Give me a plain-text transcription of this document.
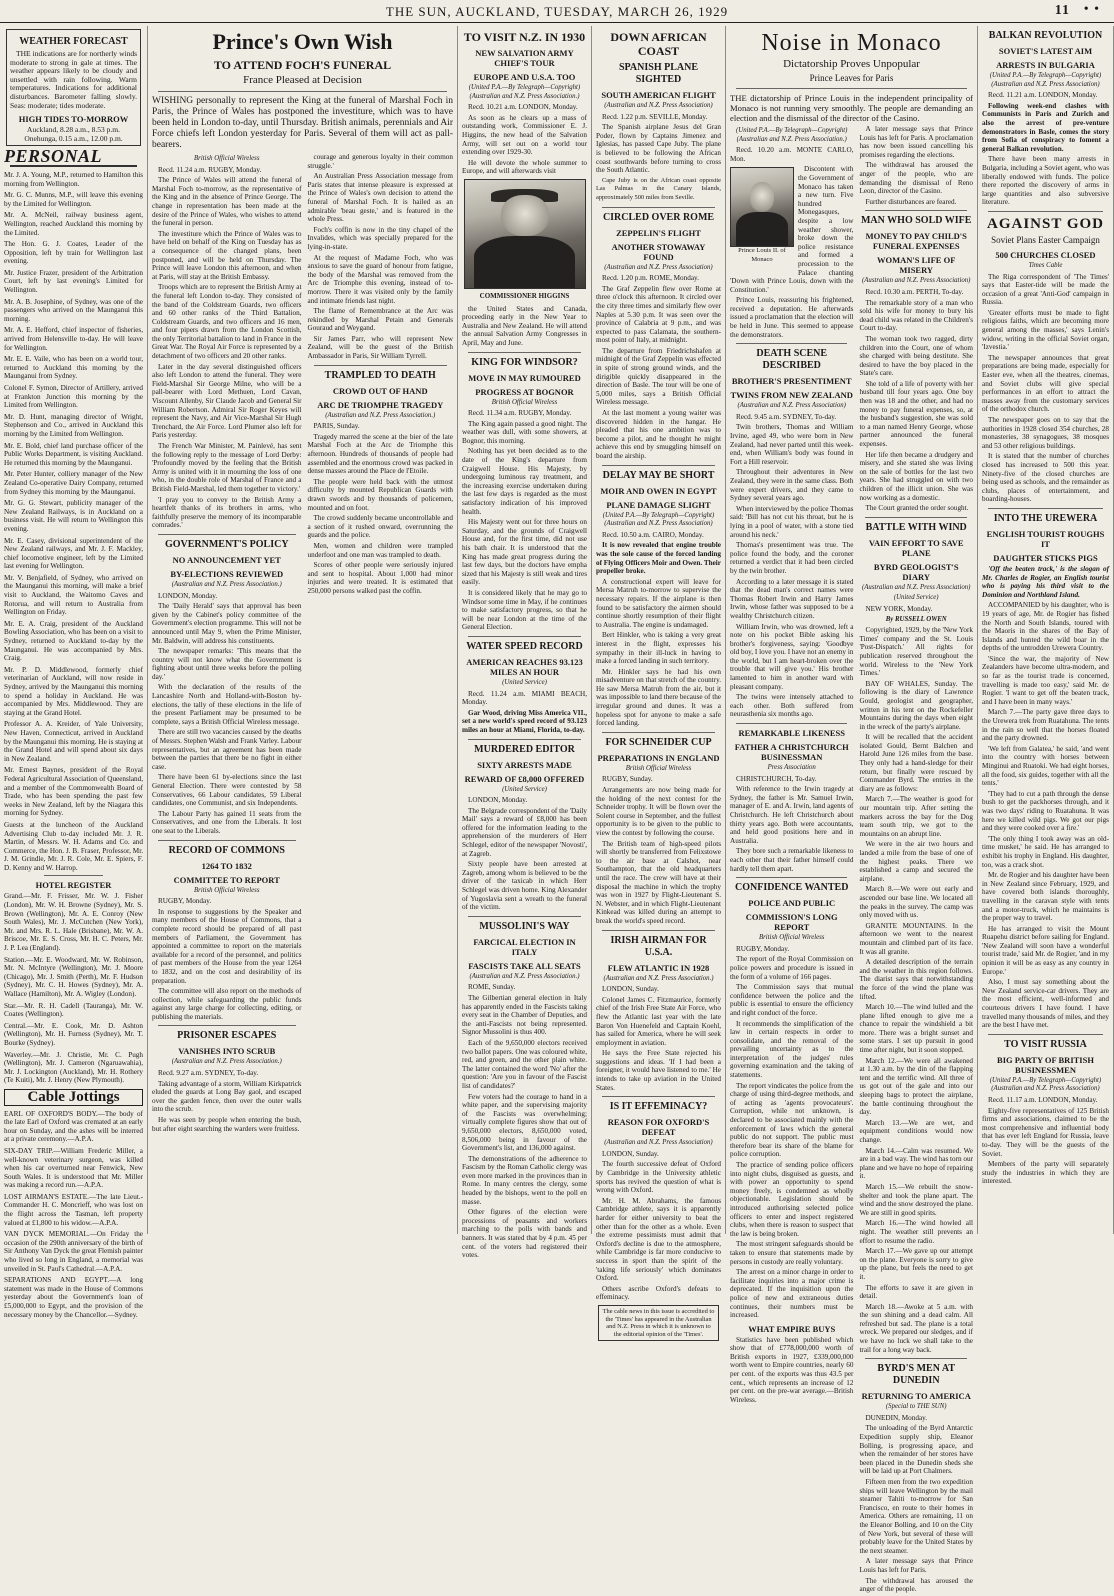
THE SUN, AUCKLAND, TUESDAY, MARCH 26, 1929	11 • •
WEATHER FORECAST

THE indications are for northerly winds moderate to strong in gale at times. The weather appears likely to be cloudy and unsettled with rain following. Warm temperatures. Indications for additional disturbances. Barometer falling slowly. Seas: moderate; tides moderate.

HIGH TIDES TO-MORROW
Auckland, 8.28 a.m., 8.53 p.m. Onehunga, 0.15 a.m., 12.00 p.m.
PERSONAL

Mr. J. A. Young, M.P., returned to Hamilton this morning from Wellington.

Mr. G. C. Munns, M.P., will leave this evening by the Limited for Wellington.

Mr. A. McNeil, railway business agent, Wellington, reached Auckland this morning by the Limited.

The Hon. G. J. Coates, Leader of the Opposition, left by train for Wellington last evening.

Mr. Justice Frazer, president of the Arbitration Court, left by last evening's Limited for Wellington.

Mr. A. B. Josephine, of Sydney, was one of the passengers who arrived on the Maunganui this morning.

Mr. A. E. Hefford, chief inspector of fisheries, arrived from Helensville to-day. He will leave for Wellington.

Mr. E. E. Vaile, who has been on a world tour, returned to Auckland this morning by the Maunganui from Sydney.

Colonel F. Symon, Director of Artillery, arrived at Frankton Junction this morning by the Limited from Wellington.

Mr. D. Hunt, managing director of Wright, Stephenson and Co., arrived in Auckland this morning by the Limited from Wellington.

Mr. E. Bold, chief land purchase officer of the Public Works Department, is visiting Auckland. He returned this morning by the Maunganui.

Mr. Peter Hunter, colliery manager of the New Zealand Co-operative Dairy Company, returned from Sydney this morning by the Maunganui.

Mr. G. G. Stewart, publicity manager of the New Zealand Railways, is in Auckland on a business visit. He will return to Wellington this evening.

Mr. E. Casey, divisional superintendent of the New Zealand railways, and Mr. J. F. Mackley, chief locomotive engineer, left by the Limited last evening for Wellington.

Mr. V. Benjafield, of Sydney, who arrived on the Maunganui this morning, will make a brief visit to Auckland, the Waitomo Caves and Rotorua, and will return to Australia from Wellington on Friday.

Mr. E. A. Craig, president of the Auckland Bowling Association, who has been on a visit to Sydney, returned to Auckland to-day by the Maunganui. He was accompanied by Mrs. Craig.

Mr. P. D. Middlewood, formerly chief veterinarian of Auckland, will now reside in Sydney, arrived by the Maunganui this morning to spend a holiday in Auckland. He was accompanied by Mrs. Middlewood. They are staying at the Grand Hotel.

Professor A. A. Kreider, of Yale University, New Haven, Connecticut, arrived in Auckland by the Maunganui this morning. He is staying at the Grand Hotel and will spend about six days in New Zealand.

Mr. Ernest Baynes, president of the Royal Federal Agricultural Association of Queensland, and a member of the Commonwealth Board of Trade, who has been spending the past few weeks in New Zealand, left by the Niagara this morning for Sydney.

Guests at the luncheon of the Auckland Advertising Club to-day included Mr. J. R. Martin, of Messrs. W. H. Adams and Co. and Commerce, the Hon. J. B. Fraser, Professor, Mr. J. M. Grindle, Mr. J. R. Cole, Mr. E. Spiers, F. D. Kenny and W. Harrop.

HOTEL REGISTER

Grand.—Mr. F. Frisser, Mr. W. J. Fisher (London), Mr. W. H. Browne (Sydney), Mr. S. Brown (Wellington), Mr. A. E. Conroy (New South Wales), Mr. J. McCutchen (New York), Mr. and Mrs. R. L. Hale (Brisbane), Mr. W. A. Briscoe, Mr. E. S. Cross, Mr. H. C. Peters, Mr. J. P. Lea (England).

Station.—Mr. E. Woodward, Mr. W. Robinson, Mr. N. McIntyre (Wellington), Mr. J. Moore (Chicago), Mr. J. Smith (Perth), Mr. F. Hudson (Sydney), Mr. C. H. Howes (Sydney), Mr. A. Wallace (Hamilton), Mr. A. Wigley (London).

Star.—Mr. R. H. Cadell (Tauranga), Mr. W. Coates (Wellington).

Central.—Mr. E. Cook, Mr. D. Ashton (Wellington), Mr. H. Furness (Sydney), Mr. T. Bourke (Sydney).

Waverley.—Mr. J. Christie, Mr. C. Pugh (Wellington), Mr. J. Cameron (Ngaruawahia), Mr. J. Lockington (Auckland), Mr. H. Rothery (Te Kuiti), Mr. J. Henry (New Plymouth).

Cable Jottings

EARL OF OXFORD'S BODY.—The body of the late Earl of Oxford was cremated at an early hour on Sunday, and the ashes will be interred at a private ceremony.—A.P.A.

SIX-DAY TRIP.—William Frederic Miller, a well-known veterinary surgeon, was killed when his car overturned near Fenwick, New South Wales. It is understood that Mr. Miller was making a record run.—A.P.A.

LOST AIRMAN'S ESTATE.—The late Lieut.-Commander H. C. Moncrieff, who was lost on the flight across the Tasman, left property valued at £1,800 to his widow.—A.P.A.

VAN DYCK MEMORIAL.—On Friday the occasion of the 290th anniversary of the birth of Sir Anthony Van Dyck the great Flemish painter who lived so long in England, a memorial was unveiled in St. Paul's Cathedral.—A.P.A.

SEPARATIONS AND EGYPT.—A long statement was made in the House of Commons yesterday about the Government's loan of £5,000,000 to Egypt, and the provision of the necessary money by the Chancellor.—Sydney.

Prince's Own Wish
TO ATTEND FOCH'S FUNERAL
France Pleased at Decision

WISHING personally to represent the King at the funeral of Marshal Foch in Paris, the Prince of Wales has postponed the investiture, which was to have been held in London to-day, until Thursday. British animals, perennials and Air Force chiefs left London yesterday for Paris. Several of them will act as pall-bearers.

British Official Wireless

Recd. 11.24 a.m. RUGBY, Monday.

The Prince of Wales will attend the funeral of Marshal Foch to-morrow, as the representative of the King and in the absence of Prince George. The change in representation has been made at the desire of the Prince of Wales, who wishes to attend the funeral in person.

The investiture which the Prince of Wales was to have held on behalf of the King on Tuesday has as a consequence of the changed plans, been postponed, and will be held on Thursday. The Prince will leave London this afternoon, and when at Paris, will stay at the British Embassy.

Troops which are to represent the British Army at the funeral left London to-day. They consisted of the band of the Coldstream Guards, two officers and 60 other ranks of the Third Battalion, Coldstream Guards, and two officers and 16 men, and four pipers drawn from the London Scottish, the only Territorial battalion to land in France in the Great War. The Royal Air Force is represented by a detachment of two officers and 20 other ranks.

Later in the day several distinguished officers also left London to attend the funeral. They were Field-Marshal Sir George Milne, who will be a pall-bearer with Lord Methuen, Lord Cavan, Viscount Allenby, Sir Claude Jacob and General Sir William Robertson. Admiral Sir Roger Keyes will represent the Navy, and Air Vice-Marshal Sir Hugh Trenchard, the Air Force. Lord Plumer also left for Paris yesterday.

The French War Minister, M. Painlevé, has sent the following reply to the message of Lord Derby: 'Profoundly moved by the feeling that the British Army is united with it in mourning the loss of one who, in the double role of Marshal of France and a British Field-Marshal, led them together to victory.'

'I pray you to convey to the British Army a heartfelt thanks of its brothers in arms, who faithfully preserve the memory of its incomparable comrades.'

GOVERNMENT'S POLICY
NO ANNOUNCEMENT YET
BY-ELECTIONS REVIEWED
(Australian and N.Z. Press Association.)

LONDON, Monday.

The 'Daily Herald' says that approval has been given by the Cabinet's policy committee of the Government's election programme. This will not be announced until May 9, when the Prime Minister, Mr. Baldwin, will address his constituents.

The newspaper remarks: 'This means that the country will not know what the Government is fighting about until three weeks before the polling day.'

With the declaration of the results of the Lancashire North and Holland-with-Boston by-elections, the tally of these elections in the life of the present Parliament may be presumed to be complete, says a British Official Wireless message.

There are still two vacancies caused by the deaths of Messrs. Stephen Walsh and Frank Varley. Labour representatives, but an agreement has been made between the parties that there be no fight in either case.

There have been 61 by-elections since the last General Election. There were contested by 58 Conservatives, 66 Labour candidates, 59 Liberal candidates, one Communist, and six Independents.

The Labour Party has gained 11 seats from the Conservatives, and one from the Liberals. It lost one seat to the Liberals.

RECORD OF COMMONS
1264 TO 1832
COMMITTEE TO REPORT
British Official Wireless

RUGBY, Monday.

In response to suggestions by the Speaker and many members of the House of Commons, that a complete record should be prepared of all past members of Parliament, the Government has appointed a committee to report on the materials available for a record of the personnel, and politics of past members of the House from the year 1264 to 1832, and on the cost and desirability of its preparation.

The committee will also report on the methods of collection, while safeguarding the public funds against any large charge for collecting, editing, or publishing the materials.

PRISONER ESCAPES
VANISHES INTO SCRUB
(Australian and N.Z. Press Association.)

Recd. 9.27 a.m. SYDNEY, To-day.

Taking advantage of a storm, William Kirkpatrick eluded the guards at Long Bay gaol, and escaped over the garden fence, then over the outer walls into the scrub.

He was seen by people when entering the bush, but after eight searching the warders were fruitless.

courage and generous loyalty in their common struggle.'

An Australian Press Association message from Paris states that intense pleasure is expressed at the Prince of Wales's own decision to attend the funeral of Marshal Foch. It is hailed as an admirable 'beau geste,' and is featured in the whole Press.

Foch's coffin is now in the tiny chapel of the Invalides, which was specially prepared for the lying-in-state.

At the request of Madame Foch, who was anxious to save the guard of honour from fatigue, the body of the Marshal was removed from the Arc de Triomphe this evening, instead of to-morrow. There it was visited only by the family and intimate friends last night.

The flame of Remembrance at the Arc was rekindled by Marshal Petain and Generals Gouraud and Weygand.

Sir James Parr, who will represent New Zealand, will be the guest of the British Ambassador in Paris, Sir William Tyrrell.

TRAMPLED TO DEATH
CROWD OUT OF HAND
ARC DE TRIOMPHE TRAGEDY
(Australian and N.Z. Press Association.)

PARIS, Sunday.

Tragedy marred the scene at the bier of the late Marshal Foch at the Arc de Triomphe this afternoon. Hundreds of thousands of people had assembled and the enormous crowd was packed in dense masses around the Place de l'Etoile.

The people were held back with the utmost difficulty by mounted Republican Guards with drawn swords and by thousands of policemen, mounted and on foot.

The crowd suddenly became uncontrollable and a section of it rushed onward, overrunning the guards and the police.

Men, women and children were trampled underfoot and one man was trampled to death.

Scores of other people were seriously injured and sent to hospital. About 1,000 had minor injuries and were treated. It is estimated that 250,000 persons walked past the coffin.

TO VISIT N.Z. IN 1930
NEW SALVATION ARMY CHIEF'S TOUR
EUROPE AND U.S.A. TOO
(United P.A.—By Telegraph—Copyright) (Australian and N.Z. Press Association.)

Recd. 10.21 a.m. LONDON, Monday.

As soon as he clears up a mass of outstanding work, Commissioner E. J. Higgins, the new head of the Salvation Army, will set out on a world tour extending over 1929-30.

He will devote the whole summer to Europe, and will afterwards visit

COMMISSIONER HIGGINS

the United States and Canada, proceeding early in the New Year to Australia and New Zealand. He will attend the annual Salvation Army Congresses in April, May and June.

KING FOR WINDSOR?
MOVE IN MAY RUMOURED
PROGRESS AT BOGNOR
British Official Wireless

Recd. 11.34 a.m. RUGBY, Monday.

The King again passed a good night. The weather was dull, with some showers, at Bognor, this morning.

Nothing has yet been decided as to the date of the King's departure from Craigwell House. His Majesty, by undergoing luminous ray treatment, and the increasing exercise undertaken during the last few days is regarded as the most satisfactory indication of his improved health.

His Majesty went out for three hours on Saturday, and the grounds of Craigwell House and, for the first time, did not use his bath chair. It is understood that the King has made great progress during the last few days, but the doctors have empha sized that his Majesty is still weak and tires easily.

It is considered likely that he may go to Windsor some time in May, if he continues to make satisfactory progress, so that he will be near London at the time of the General Election.

WATER SPEED RECORD
AMERICAN REACHES 93.123 MILES AN HOUR
(United Service)

Recd. 11.24 a.m. MIAMI BEACH, Monday.

Gar Wood, driving Miss America VII., set a new world's speed record of 93.123 miles an hour at Miami, Florida, to-day.

MURDERED EDITOR
SIXTY ARRESTS MADE
REWARD OF £8,000 OFFERED
(United Service)

LONDON, Monday.

The Belgrade correspondent of the 'Daily Mail' says a reward of £8,000 has been offered for the information leading to the apprehension of the murderers of Herr Schlegel, editor of the newspaper 'Novosti', at Zagreb.

Sixty people have been arrested at Zagreb, among whom is believed to be the driver of the taxicab in which Herr Schlegel was driven home. King Alexander of Yugoslavia sent a wreath to the funeral of the victim.

MUSSOLINI'S WAY
FARCICAL ELECTION IN ITALY
FASCISTS TAKE ALL SEATS
(Australian and N.Z. Press Association.)

ROME, Sunday.

The Gilbertian general election in Italy has apparently ended in the Fascists taking every seat in the Chamber of Deputies, and the anti-Fascists not being represented. Signor Mussolini is thus 400.

Each of the 9,650,000 electors received two ballot papers. One was coloured white, red, and green, and the other plain white. The latter contained the word 'No' after the question: 'Are you in favour of the Fascist list of candidates?'

Few voters had the courage to hand in a white paper, and the supervising majority of the Fascists was overwhelming; virtually complete figures show that out of 9,650,000 electors, 8,650,000 voted, 8,506,000 being in favour of the Government's list, and 136,000 against.

The demonstrations of the adherence to Fascism by the Roman Catholic clergy was even more marked in the provinces than in Rome. In many centres the clergy, some headed by the bishops, went to the poll en masse.

Other figures of the election were processions of peasants and workers marching to the polls with bands and banners. It was stated that by 4 p.m. 45 per cent. of the voters had registered their votes.

DOWN AFRICAN COAST
SPANISH PLANE SIGHTED
SOUTH AMERICAN FLIGHT
(Australian and N.Z. Press Association)

Recd. 1.22 p.m. SEVILLE, Monday.

The Spanish airplane Jesus del Gran Poder, flown by Captains Jimenez and Iglesias, has passed Cape Juby. The plane is believed to be following the African coast southwards before turning to cross the South Atlantic.

Cape Juby is on the African coast opposite Las Palmas in the Canary Islands, approximately 500 miles from Seville.

CIRCLED OVER ROME
ZEPPELIN'S FLIGHT
ANOTHER STOWAWAY FOUND
(Australian and N.Z. Press Association)

Recd. 1.20 p.m. ROME, Monday.

The Graf Zeppelin flew over Rome at three o'clock this afternoon. It circled over the city three times and similarly flew over Naples at 5.30 p.m. It was seen over the province of Calabria at 9 p.m., and was expected to pass Calamata, the southern-most point of Italy, at midnight.

The departure from Friedrichshafen at midnight of the Graf Zeppelin was effected in spite of strong ground winds, and the dirigible quickly disappeared in the direction of Basle. The tour will be one of 5,000 miles, says a British Official Wireless message.

At the last moment a young waiter was discovered hidden in the hangar. He pleaded that his one ambition was to become a pilot, and he thought he might achieve this end by smuggling himself on board the airship.

DELAY MAY BE SHORT
MOIR AND OWEN IN EGYPT
PLANE DAMAGE SLIGHT
(United P.A.—By Telegraph—Copyright) (Australian and N.Z. Press Association)

Recd. 10.50 a.m. CAIRO, Monday.

It is now revealed that engine trouble was the sole cause of the forced landing of Flying Officers Moir and Owen. Their propeller broke.

A constructional expert will leave for Mersa Matruh to-morrow to supervise the necessary repairs. If the airplane is then found to be satisfactory the airmen should continue shortly resumption of their flight to Australia. The engine is undamaged.

Bert Hinkler, who is taking a very great interest in the flight, expresses his sympathy in their ill-luck in having to make a forced landing in such territory.

Mr. Hinkler says he had his own misadventure on that stretch of the country. He saw Mersa Matruh from the air, but it was impossible to land there because of the irregular ground and dunes. It was a hopeless spot for anyone to make a safe forced landing.

FOR SCHNEIDER CUP
PREPARATIONS IN ENGLAND
British Official Wireless

RUGBY, Sunday.

Arrangements are now being made for the holding of the next contest for the Schneider trophy. It will be flown over the Solent course in September, and the fullest opportunity is to be given to the public to view the contest by following the course.

The British team of high-speed pilots will shortly be transferred from Felixstowe to the air base at Calshot, near Southampton, that the old headquarters until the race. The crew will have at their disposal the machine in which the trophy was won in 1927 by Flight-Lieutenant S. N. Webster, and in which Flight-Lieutenant Kinkead was killed during an attempt to break the world's speed record.

IRISH AIRMAN FOR U.S.A.
FLEW ATLANTIC IN 1928
(Australian and N.Z. Press Association.)

LONDON, Sunday.

Colonel James C. Fitzmaurice, formerly chief of the Irish Free State Air Force, who flew the Atlantic last year with the late Baron Von Huenefeld and Captain Koehl, has sailed for America, where he will seek employment in aviation.

He says the Free State rejected his suggestions and ideas. 'If I had been a foreigner, it would have listened to me.' He intends to take up aviation in the United States.

IS IT EFFEMINACY?
REASON FOR OXFORD'S DEFEAT
(Australian and N.Z. Press Association)

LONDON, Sunday.

The fourth successive defeat of Oxford by Cambridge in the University athletic sports has revived the question of what is wrong with Oxford.

Mr. H. M. Abrahams, the famous Cambridge athlete, says it is apparently harder for either university to beat the other than for the other as a whole. Even the extreme pessimists must admit that Oxford's decline is due to the atmosphere, while Cambridge is far more conducive to success in sport than the spirit of the 'taking life seriously' which dominates Oxford.

Others ascribe Oxford's defeats to effeminacy.

The cable news in this issue is accredited to the 'Times' has appeared in the Australian and N.Z. Press in which it is unknown to the editorial opinion of the 'Times'.
Noise in Monaco
Dictatorship Proves Unpopular
Prince Leaves for Paris

THE dictatorship of Prince Louis in the independent principality of Monaco is not running very smoothly. The people are demanding an election and the dismissal of the director of the Casino.

(United P.A.—By Telegraph—Copyright) (Australian and N.Z. Press Association.)

Recd. 10.20 a.m. MONTE CARLO, Mon.

Prince Louis II. of Monaco

Discontent with the Government of Monaco has taken a new turn. Five hundred Monegasques, despite a low weather shower, broke down the police resistance and formed a procession to the Palace chanting 'Down with Prince Louis, down with the Constitution.'

Prince Louis, reassuring his frightened, received a deputation. He afterwards issued a proclamation that the election will be held in June. This seemed to appease the demonstrators.

DEATH SCENE DESCRIBED
BROTHER'S PRESENTIMENT
TWINS FROM NEW ZEALAND
(Australian and N.Z. Press Association)

Recd. 9.45 a.m. SYDNEY, To-day.

Twin brothers, Thomas and William Irvine, aged 49, who were born in New Zealand, had never parted until this week-end, when William's body was found in Fort a Hill reservoir.

Throughout their adventures in New Zealand, they were in the same class. Both were expert drivers, and they came to Sydney several years ago.

When interviewed by the police Thomas said: 'Bill has not cut his throat, but he is lying in a pool of water, with a stone tied around his neck.'

Thomas's presentiment was true. The police found the body, and the coroner returned a verdict that it had been circled by the twin brother.

According to a later message it is stated that the dead man's correct names were Thomas Robert Irwin and Harry James Irwin, whose father was supposed to be a wealthy Christchurch citizen.

William Irwin, who was drowned, left a note on his pocket Bible asking his brother's forgiveness, saying: 'Goodbye old boy, I love you. I have not an enemy in the world, but I am heart-broken over the trouble that will give you.' His brother lamented to him in another ward with pleasant company.

The twins were intensely attached to each other. Both suffered from neurasthenia six months ago.

REMARKABLE LIKENESS
FATHER A CHRISTCHURCH BUSINESSMAN
Press Association

CHRISTCHURCH, To-day.

With reference to the Irwin tragedy at Sydney, the father is Mr. Samuel Irwin, manager of E. and A. Irwin, land agents of Christchurch. He left Christchurch about thirty years ago. Both were accountants, and held good positions here and in Australia.

They bore such a remarkable likeness to each other that their father himself could hardly tell them apart.

CONFIDENCE WANTED
POLICE AND PUBLIC
COMMISSION'S LONG REPORT
British Official Wireless

RUGBY, Monday.

The report of the Royal Commission on police powers and procedure is issued in the form of a volume of 166 pages.

The Commission says that mutual confidence between the police and the public is essential to ensure the efficiency and right conduct of the force.

It recommends the simplification of the law in certain respects in order to consolidate, and the removal of the prevailing uncertainty as to the interpretation of the judges' rules governing examination and the taking of statements.

The report vindicates the police from the charge of using third-degree methods, and of acting as 'agents provocateurs'. Corruption, while not unknown, is declared to be associated mainly with the enforcement of laws which the general public do not support. The public must therefore bear its share of the blame for police corruption.

The practice of sending police officers into night clubs, disguised as guests, and with power an opportunity to spend money freely, is condemned as wholly objectionable. Legislation should be introduced authorising selected police officers to enter and inspect registered clubs, when there is reason to suspect that the law is being broken.

The most stringent safeguards should be taken to ensure that statements made by persons in custody are really voluntary.

The arrest on a minor charge in order to facilitate inquiries into a major crime is deprecated. If the inquisition upon the police of new and extraneous duties continues, their numbers must be increased.

WHAT EMPIRE BUYS

Statistics have been published which show that of £778,000,000 worth of British exports in 1927, £339,000,000 worth went to Empire countries, nearly 60 per cent. of the exports was thus 43.5 per cent., which represents an increase of 12 per cent. on the pre-war average.—British Wireless.

A later message says that Prince Louis has left for Paris. A proclamation has now been issued cancelling his promises regarding the elections.

The withdrawal has aroused the anger of the people, who are demanding the dismissal of Reno Leon, director of the Casino.

Further disturbances are feared.

MAN WHO SOLD WIFE
MONEY TO PAY CHILD'S FUNERAL EXPENSES
WOMAN'S LIFE OF MISERY
(Australian and N.Z. Press Association)

Recd. 10.30 a.m. PERTH, To-day.

The remarkable story of a man who sold his wife for money to bury his dead child was related in the Children's Court to-day.

The woman took two ragged, dirty children into the Court, one of whom she charged with being destitute. She desired to have the boy placed in the State's care.

She told of a life of poverty with her husband till four years ago. One boy then was 18 and the other, and had no money to pay funeral expenses, so, at the husband's suggestion, she was sold to a man named Henry George, whose partner announced the funeral expenses.

Her life then became a drudgery and misery, and she stated she was living on the sale of bottles for the last two years. She had struggled on with two children of the illicit union. She was now working as a domestic.

The Court granted the order sought.

BATTLE WITH WIND
VAIN EFFORT TO SAVE PLANE
BYRD GEOLOGIST'S DIARY
(Australian and N.Z. Press Association)
(United Service)

NEW YORK, Monday.

By RUSSELL OWEN

Copyrighted, 1929, by the 'New York Times' company and the St. Louis 'Post-Dispatch.' All rights for publication reserved throughout the world. Wireless to the 'New York Times.'

BAY OF WHALES, Sunday. The following is the diary of Lawrence Gould, geologist and geographer, written in his tent on the Rockefeller Mountains during the days when eight in the wreck of the party's airplane.

It will be recalled that the accident isolated Gould, Bernt Balchen and Harold June 126 miles from the base. They only had a hand-sledge for their return, but finally were rescued by Commander Byrd. The entries in the diary are as follows:

March 7.—The weather is good for our mountain trip. After setting the markers across the bay for the Dog team south trip, we got to the mountains on an abrupt line.

We were in the air two hours and landed a mile from the base of one of the highest peaks. There we established a camp and secured the airplane.

March 8.—We were out early and ascended our base line. We located all the peaks in the survey. The camp was only moved with us.

GRANITE MOUNTAINS. In the afternoon we went to the nearest mountain and climbed part of its face. It was all granite.

A detailed description of the terrain and the weather in this region follows. The diarist says that notwithstanding the force of the wind the plane was lifted.

March 10.—The wind lulled and the plane lifted enough to give me a chance to repair the windshield a bit more. There was a bright sunset and some stars. I set up pursuit in good time after night, but it soon stopped.

March 12.—We were all awakened at 1.30 a.m. by the din of the flapping tent and the terrific wind. All three of us got out of the gale and into our sleeping bags to protect the airplane, the battle continuing throughout the day.

March 13.—We are wet, and equipment conditions would now change.

March 14.—Calm was resumed. We are in a bad way. The wind has torn our plane and we have no hope of repairing it.

March 15.—We rebuilt the snow-shelter and took the plane apart. The wind and the snow destroyed the plane. We are still in good spirits.

March 16.—The wind howled all night. The weather still prevents an effort to resume the radio.

March 17.—We gave up our attempt on the plane. Everyone is sorry to give up the plane, but feels the need to get it.

The efforts to save it are given in detail.

March 18.—Awoke at 5 a.m. with the sun shining and a dead calm. All refreshed but sad. The plane is a total wreck. We prepared our sledges, and if we have no luck we shall take to the trail for a long way back.

BYRD'S MEN AT DUNEDIN
RETURNING TO AMERICA
(Special to THE SUN)

DUNEDIN, Monday.

The unloading of the Byrd Antarctic Expedition supply ship, Eleanor Bolling, is progressing apace, and when the remainder of her stores have been placed in the Dunedin sheds she will be laid up at Port Chalmers.

Fifteen men from the two expedition ships will leave Wellington by the mail steamer Tahiti to-morrow for San Francisco, en route to their homes in America. Others are remaining, 11 on the Eleanor Bolling, and 10 on the City of New York, but several of these will probably leave for the United States by the next steamer.

A later message says that Prince Louis has left for Paris.

The withdrawal has aroused the anger of the people.

BALKAN REVOLUTION
SOVIET'S LATEST AIM
ARRESTS IN BULGARIA
(United P.A.—By Telegraph—Copyright) (Australian and N.Z. Press Association)

Recd. 11.21 a.m. LONDON, Monday.

Following week-end clashes with Communists in Paris and Zurich and also the arrest of pre-venture demonstrators in Basle, comes the story from Sofia of conspiracy to foment a general Balkan revolution.

There have been many arrests in Bulgaria, including a Soviet agent, who was liberally endowed with funds. The police there reported the discovery of arms in large quantities and also subversive literature.

AGAINST GOD
Soviet Plans Easter Campaign
500 CHURCHES CLOSED
Times Cable

The Riga correspondent of 'The Times' says that Easter-tide will be made the occasion of a great 'Anti-God' campaign in Russia.

'Greater efforts must be made to fight religious faiths, which are becoming more general among the masses,' says Lenin's widow, writing in the official Soviet organ, 'Izvestia.'

The newspaper announces that great preparations are being made, especially for Easter eve, when all the theatres, cinemas, and Soviet clubs will give special performances in an effort to attract the masses away from the customary services of the orthodox church.

The newspaper goes on to say that the authorities in 1928 closed 354 churches, 28 monasteries, 38 synagogues, 38 mosques and 53 other religious buildings.

It is stated that the number of churches closed has increased to 500 this year. Ninety-five of the closed churches are being used as schools, and the remainder as clubs, places of entertainment, and boarding-houses.

INTO THE UREWERA
ENGLISH TOURIST ROUGHS IT
DAUGHTER STICKS PIGS

'Off the beaten track,' is the slogan of Mr. Charles de Rogier, an English tourist who is paying his third visit to the Dominion and Northland Island.

ACCOMPANIED by his daughter, who is 19 years of age, Mr. de Rogier has fished the North and South Islands, toured with the Maoris in the shares of the Bay of Islands and hunted the wild boar in the depths of the untrodden Urewera Country.

'Since the war, the majority of New Zealanders have become ultra-modern, and so far as the tourist trade is concerned, travelling is made too easy,' said Mr. de Rogier. 'I want to get off the beaten track, and I have been in many ways.'

March 7.—The party gave three days to the Urewera trek from Ruatahuna. The tents in the rain so well that the horses floated and the party drowned.

'We left from Galatea,' he said, 'and went into the country with horses between Minginui and Ruatoki. We had eight horses, all the food, six guides, together with all the tents.'

'They had to cut a path through the dense bush to get the packhorses through, and it was two days' riding to Ruatahuna. It was here we killed wild pigs. We got our pigs and they were cooked over a fire.'

'The only thing I took away was an old-time musket,' he said. He has arranged to exhibit his trophy in England. His daughter, too, was a crack shot.

Mr. de Rogier and his daughter have been in New Zealand since February, 1929, and have covered both islands thoroughly, travelling in the caravan style with tents and a motor-truck, which he maintains is the proper way to travel.

He has arranged to visit the Mount Ruapehu district before sailing for England. 'New Zealand will soon have a wonderful tourist trade,' said Mr. de Rogier, 'and in my opinion it will be as easy as any country in Europe.'

Also, I must say something about the New Zealand service-car drivers. They are the most efficient, well-informed and courteous drivers I have found. I have travelled many thousands of miles, and they are the best I have met.

TO VISIT RUSSIA
BIG PARTY OF BRITISH BUSINESSMEN
(United P.A.—By Telegraph—Copyright) (Australian and N.Z. Press Association)

Recd. 11.17 a.m. LONDON, Monday.

Eighty-five representatives of 125 British firms and associations, claimed to be the most comprehensive and influential body that has ever left England for Russia, leave to-day. They will be the guests of the Soviet.

Members of the party will separately study the industries in which they are interested.
